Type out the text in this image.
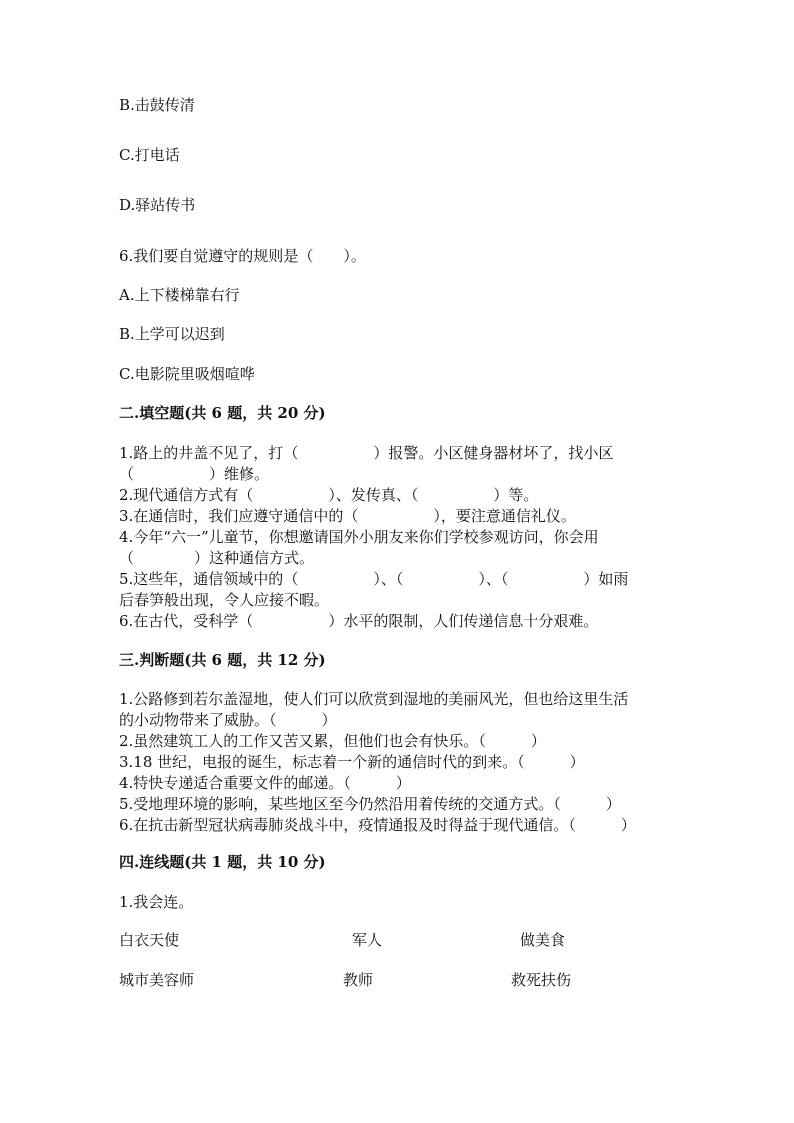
B.击鼓传清

C.打电话

D.驿站传书

6.我们要自觉遵守的规则是（　　）。

A.上下楼梯靠右行

B.上学可以迟到

C.电影院里吸烟喧哗

二.填空题(共 6 题，共 20 分)

1.路上的井盖不见了，打（　　　　　）报警。小区健身器材坏了，找小区

（　　　　　）维修。

2.现代通信方式有（　　　　　）、发传真、（　　　　　）等。

3.在通信时，我们应遵守通信中的（　　　　　），要注意通信礼仪。

4.今年“六一”儿童节，你想邀请国外小朋友来你们学校参观访问，你会用

（　　　　）这种通信方式。

5.这些年，通信领域中的（　　　　　）、（　　　　　）、（　　　　　）如雨

后春笋般出现，令人应接不暇。

6.在古代，受科学（　　　　　）水平的限制，人们传递信息十分艰难。

三.判断题(共 6 题，共 12 分)

1.公路修到若尔盖湿地，使人们可以欣赏到湿地的美丽风光，但也给这里生活

的小动物带来了威胁。（　　　）

2.虽然建筑工人的工作又苦又累，但他们也会有快乐。（　　　）

3.18 世纪，电报的诞生，标志着一个新的通信时代的到来。（　　　）

4.特快专递适合重要文件的邮递。（　　　）

5.受地理环境的影响，某些地区至今仍然沿用着传统的交通方式。（　　　）

6.在抗击新型冠状病毒肺炎战斗中，疫情通报及时得益于现代通信。（　　　）

四.连线题(共 1 题，共 10 分)

1.我会连。

白衣天使	军人	做美食
城市美容师	教师	救死扶伤
